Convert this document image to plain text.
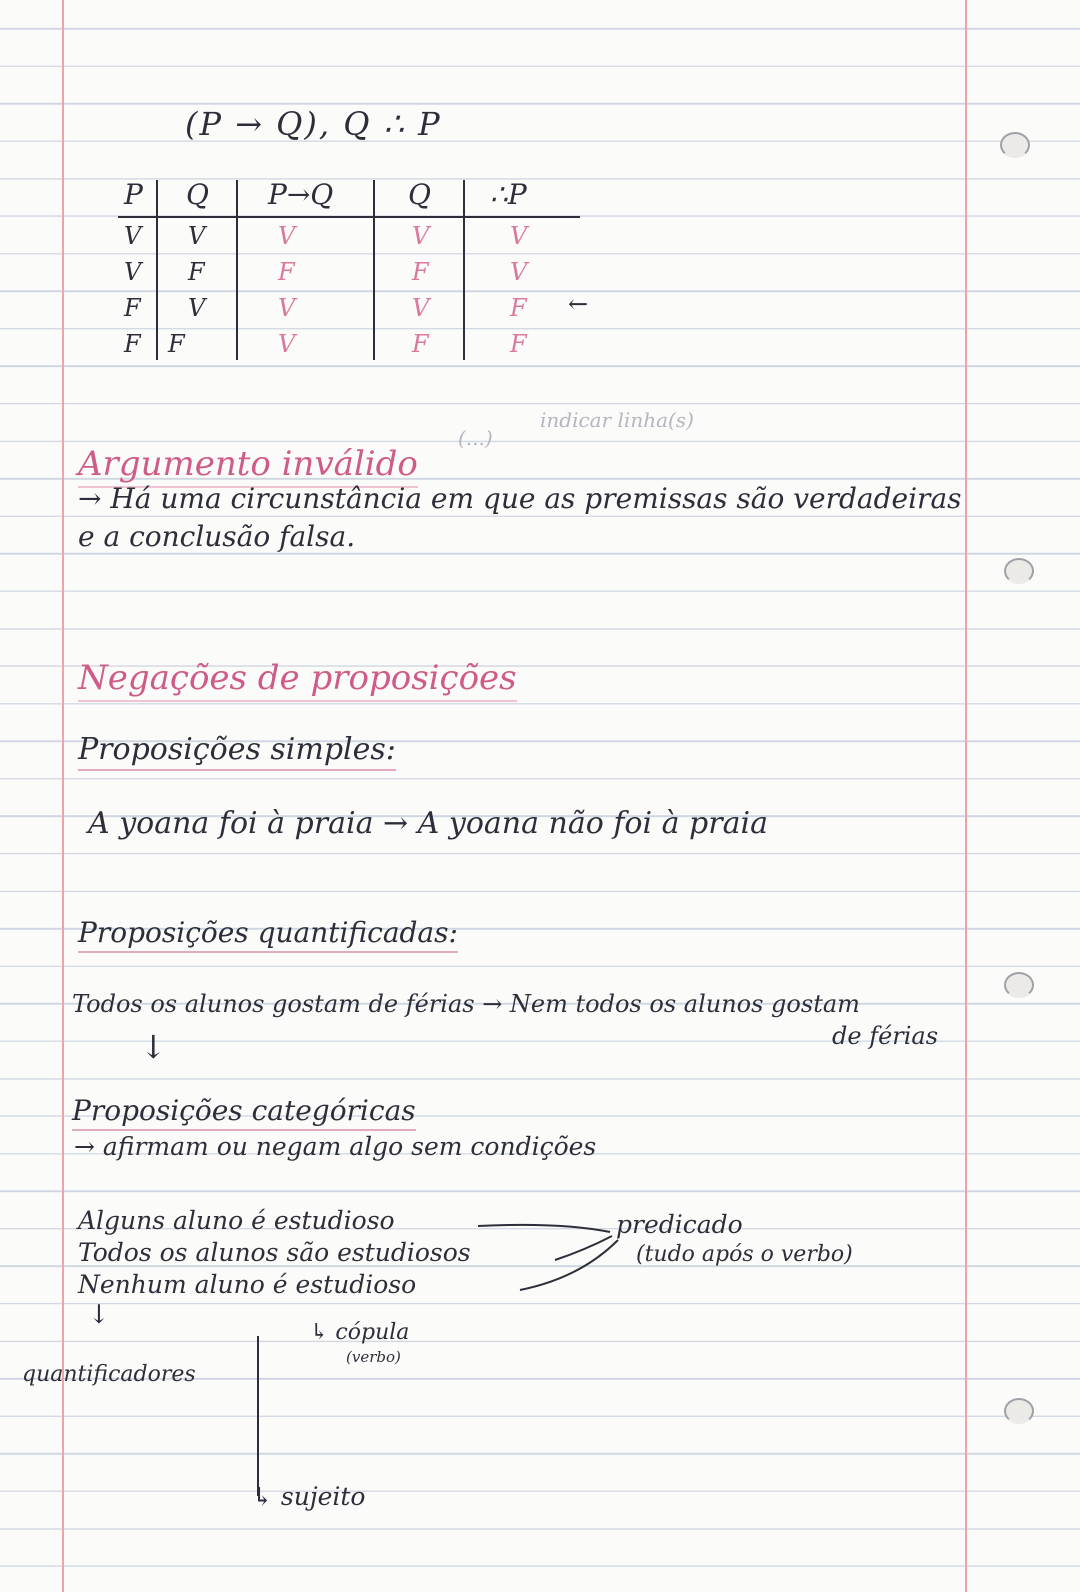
(P → Q), Q ∴ P
P Q P→Q	Q ∴P
V V	V	V	V
V F	F	F	V
F V	V	V	F ←
F F	V	F	F
(...)
indicar linha(s)
Argumento inválido
→ Há uma circunstância em que as premissas são verdadeiras
e a conclusão falsa.
Negações de proposições
Proposições simples:
A yoana foi à praia → A yoana não foi à praia
Proposições quantificadas:
Todos os alunos gostam de férias → Nem todos os alunos gostam
de férias
↓
Proposições categóricas
→ afirmam ou negam algo sem condições
Alguns aluno é estudioso
Todos os alunos são estudiosos
Nenhum aluno é estudioso
predicado
(tudo após o verbo)
↳ cópula
(verbo)
↓
quantificadores
↳ sujeito
